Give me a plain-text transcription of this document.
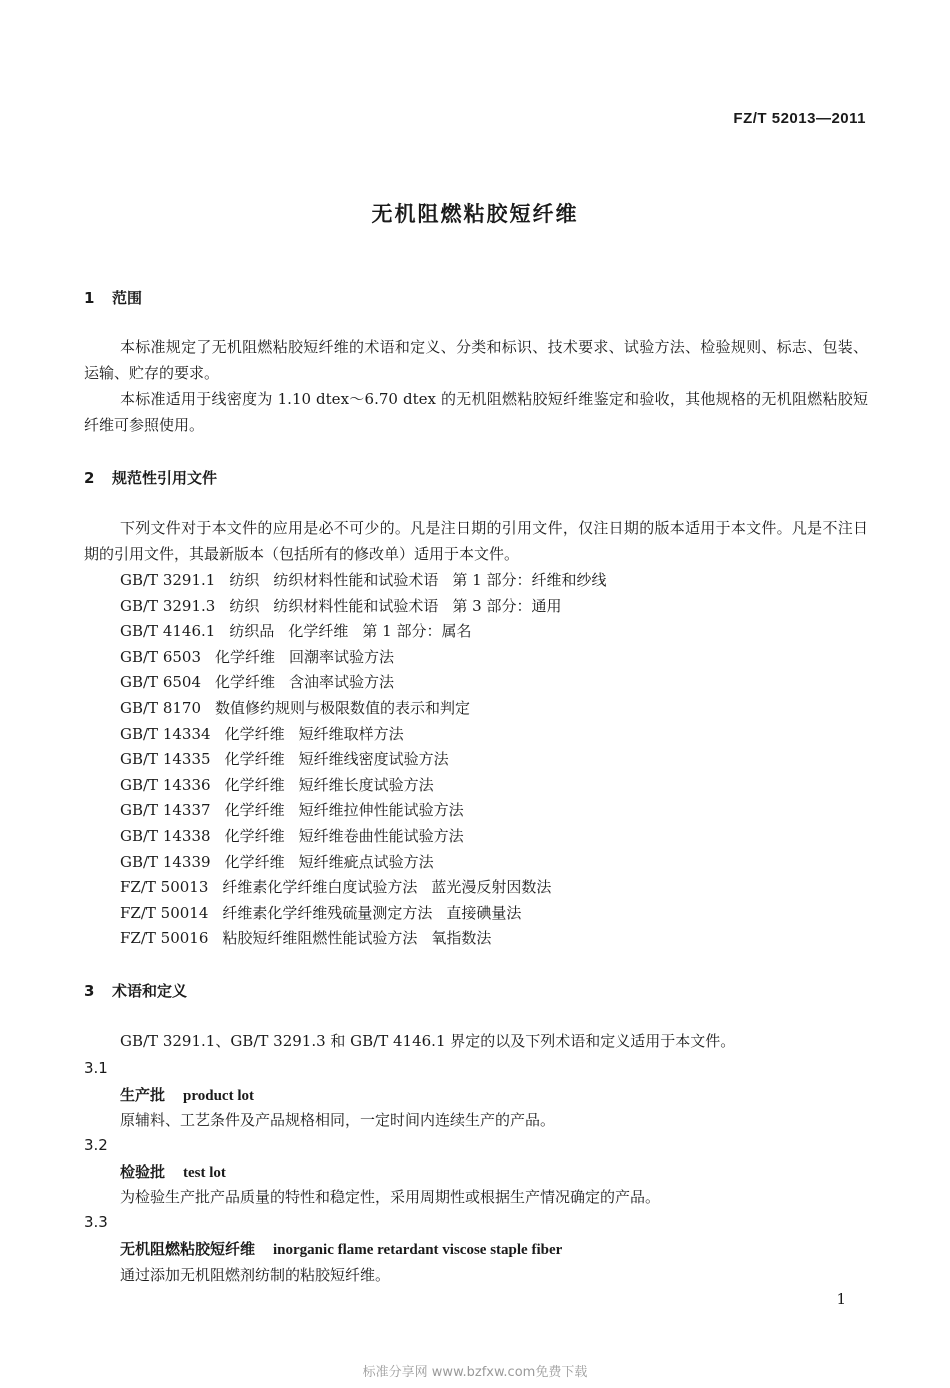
FZ/T 52013—2011
无机阻燃粘胶短纤维
1 范围
本标准规定了无机阻燃粘胶短纤维的术语和定义、分类和标识、技术要求、试验方法、检验规则、标志、包装、运输、贮存的要求。
本标准适用于线密度为 1.10 dtex～6.70 dtex 的无机阻燃粘胶短纤维鉴定和验收，其他规格的无机阻燃粘胶短纤维可参照使用。
2 规范性引用文件
下列文件对于本文件的应用是必不可少的。凡是注日期的引用文件，仅注日期的版本适用于本文件。凡是不注日期的引用文件，其最新版本（包括所有的修改单）适用于本文件。
GB/T 3291.1 纺织 纺织材料性能和试验术语 第 1 部分：纤维和纱线
GB/T 3291.3 纺织 纺织材料性能和试验术语 第 3 部分：通用
GB/T 4146.1 纺织品 化学纤维 第 1 部分：属名
GB/T 6503 化学纤维 回潮率试验方法
GB/T 6504 化学纤维 含油率试验方法
GB/T 8170 数值修约规则与极限数值的表示和判定
GB/T 14334 化学纤维 短纤维取样方法
GB/T 14335 化学纤维 短纤维线密度试验方法
GB/T 14336 化学纤维 短纤维长度试验方法
GB/T 14337 化学纤维 短纤维拉伸性能试验方法
GB/T 14338 化学纤维 短纤维卷曲性能试验方法
GB/T 14339 化学纤维 短纤维疵点试验方法
FZ/T 50013 纤维素化学纤维白度试验方法 蓝光漫反射因数法
FZ/T 50014 纤维素化学纤维残硫量测定方法 直接碘量法
FZ/T 50016 粘胶短纤维阻燃性能试验方法 氧指数法
3 术语和定义
GB/T 3291.1、GB/T 3291.3 和 GB/T 4146.1 界定的以及下列术语和定义适用于本文件。
3.1
生产批 product lot
原辅料、工艺条件及产品规格相同，一定时间内连续生产的产品。
3.2
检验批 test lot
为检验生产批产品质量的特性和稳定性，采用周期性或根据生产情况确定的产品。
3.3
无机阻燃粘胶短纤维 inorganic flame retardant viscose staple fiber
通过添加无机阻燃剂纺制的粘胶短纤维。
1
标准分享网 www.bzfxw.com免费下载
